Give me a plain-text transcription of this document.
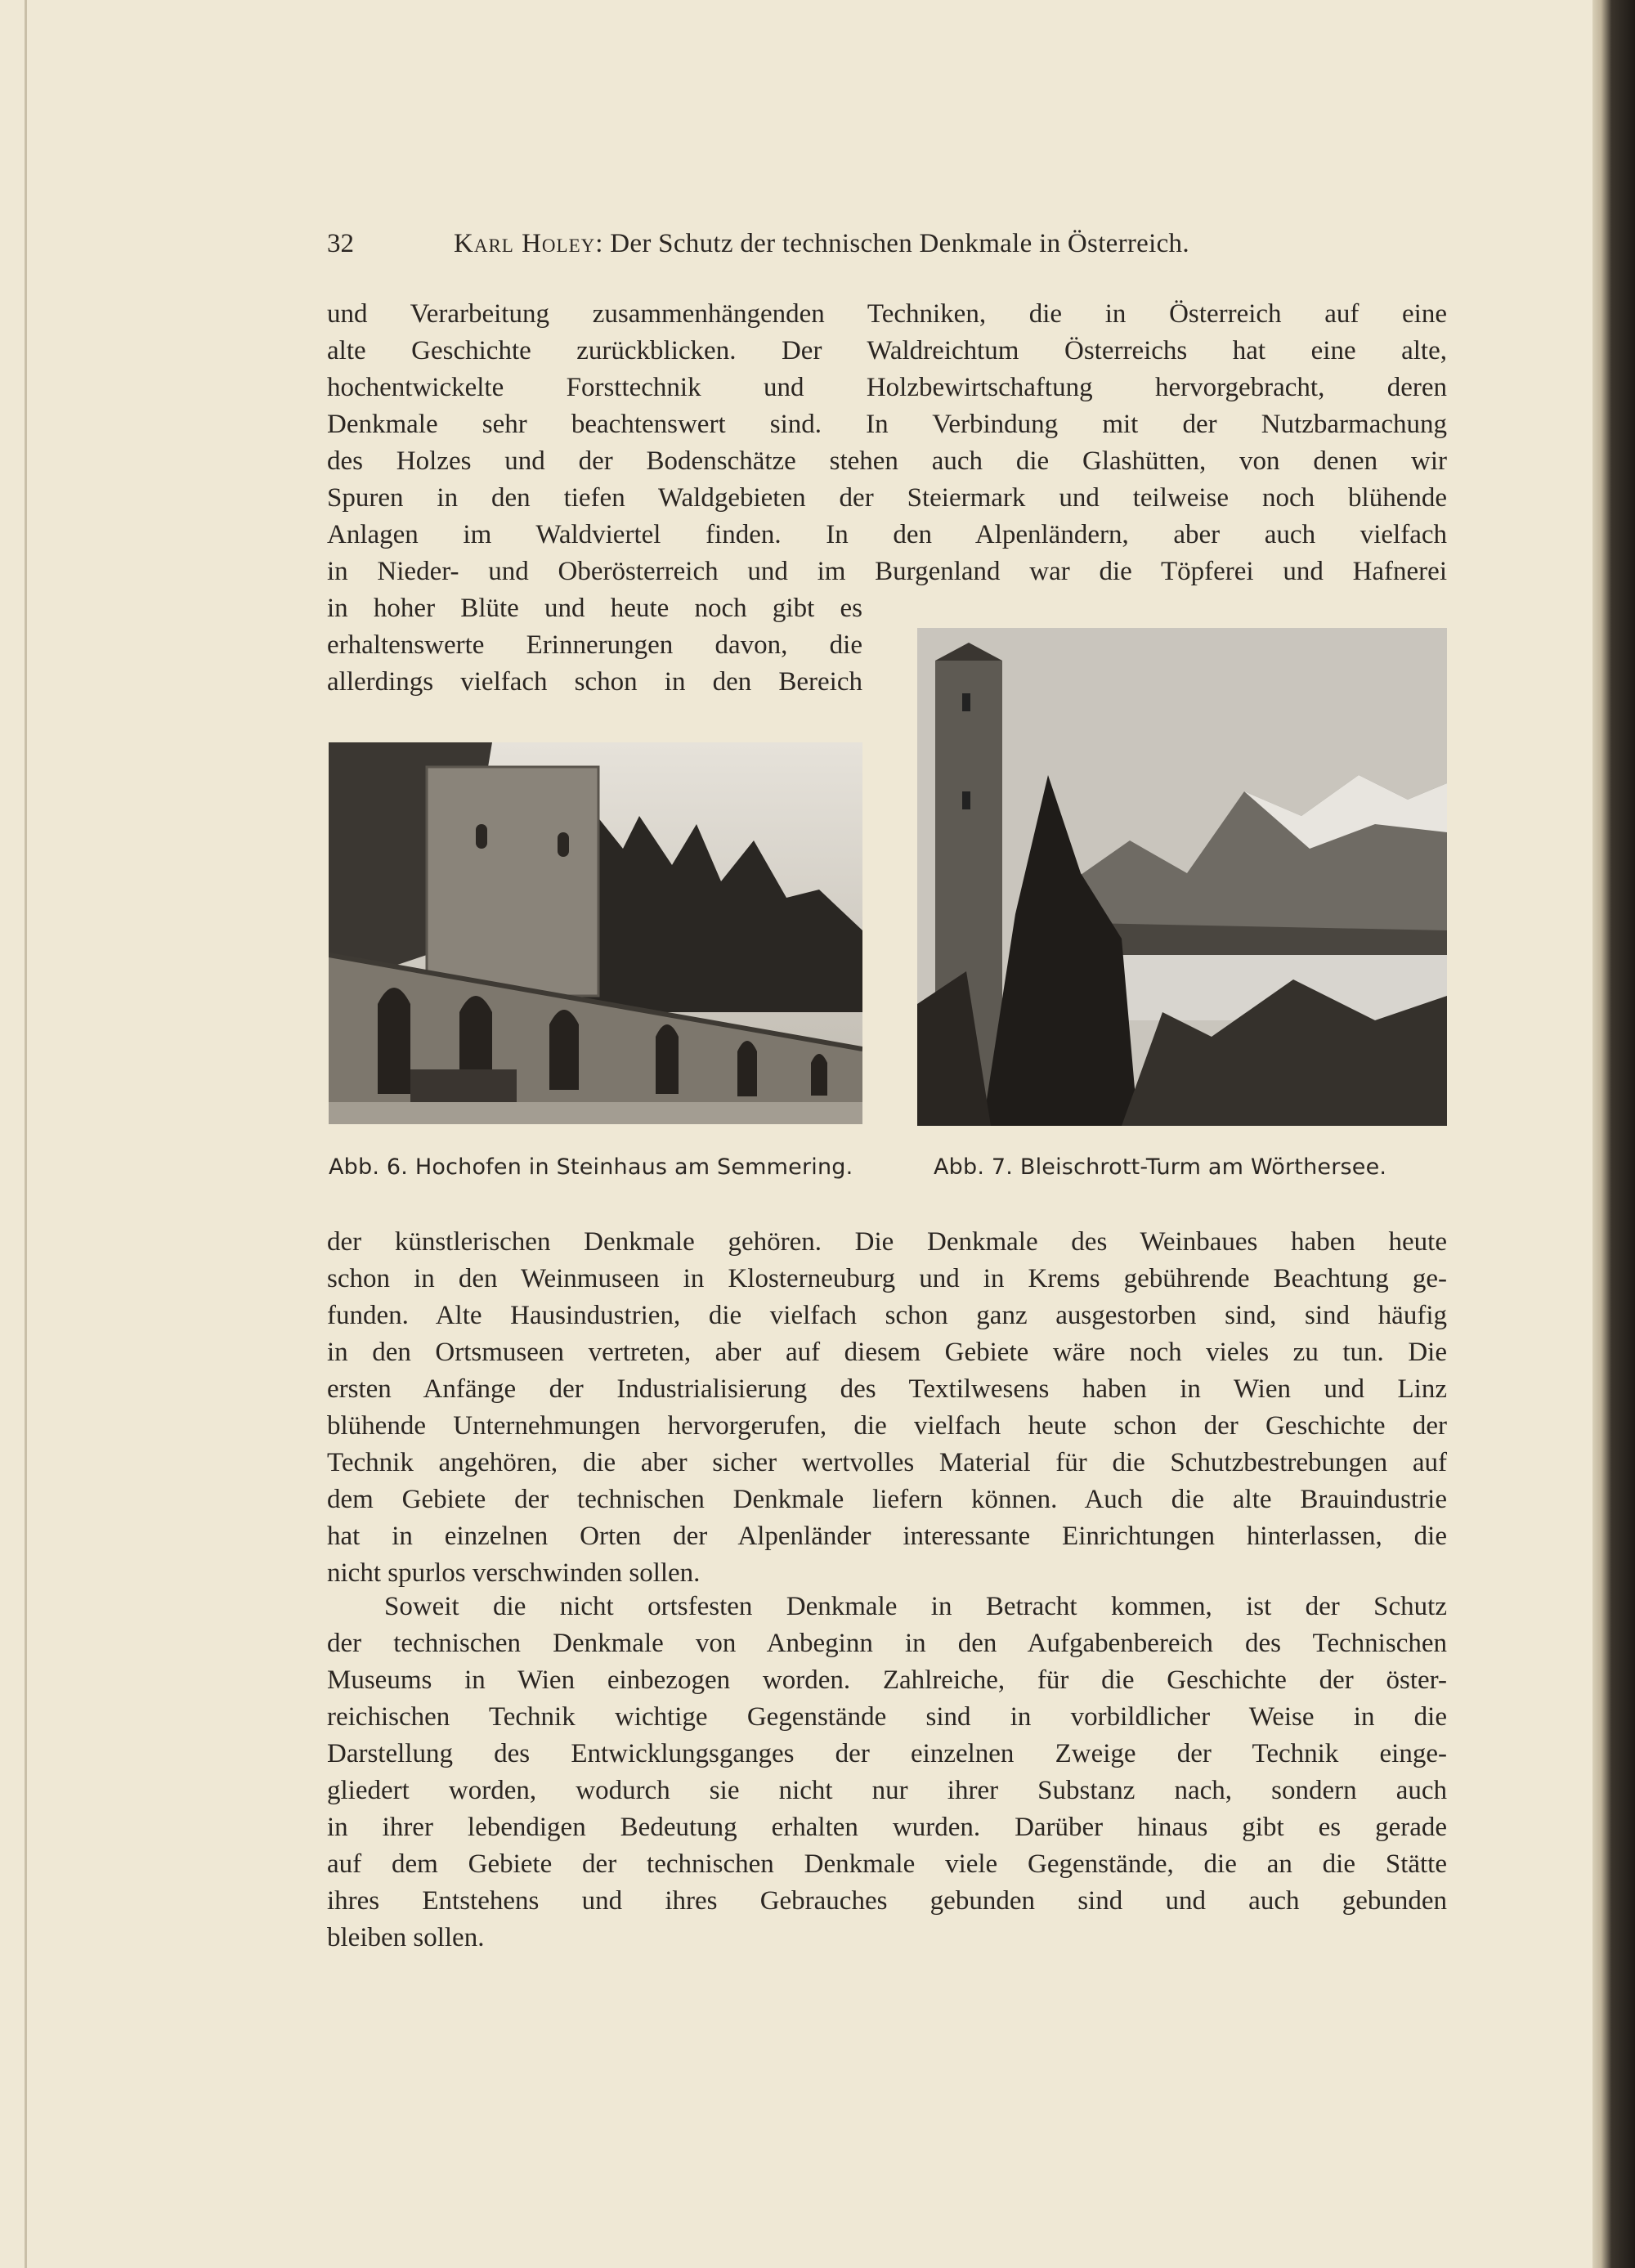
32	Karl Holey: Der Schutz der technischen Denkmale in Österreich.
und Verarbeitung zusammenhängenden Techniken, die in Österreich auf eine
alte Geschichte zurückblicken. Der Waldreichtum Österreichs hat eine alte,
hochentwickelte Forsttechnik und Holzbewirtschaftung hervorgebracht, deren
Denkmale sehr beachtenswert sind. In Verbindung mit der Nutzbarmachung
des Holzes und der Bodenschätze stehen auch die Glashütten, von denen wir
Spuren in den tiefen Waldgebieten der Steiermark und teilweise noch blühende
Anlagen im Waldviertel finden. In den Alpenländern, aber auch vielfach
in Nieder- und Oberösterreich und im Burgenland war die Töpferei und Hafnerei
in hoher Blüte und heute noch gibt es
erhaltenswerte Erinnerungen davon, die
allerdings vielfach schon in den Bereich
Abb. 6. Hochofen in Steinhaus am Semmering.	Abb. 7. Bleischrott-Turm am Wörthersee.
der künstlerischen Denkmale gehören. Die Denkmale des Weinbaues haben heute
schon in den Weinmuseen in Klosterneuburg und in Krems gebührende Beachtung ge-
funden. Alte Hausindustrien, die vielfach schon ganz ausgestorben sind, sind häufig
in den Ortsmuseen vertreten, aber auf diesem Gebiete wäre noch vieles zu tun. Die
ersten Anfänge der Industrialisierung des Textilwesens haben in Wien und Linz
blühende Unternehmungen hervorgerufen, die vielfach heute schon der Geschichte der
Technik angehören, die aber sicher wertvolles Material für die Schutzbestrebungen auf
dem Gebiete der technischen Denkmale liefern können. Auch die alte Brauindustrie
hat in einzelnen Orten der Alpenländer interessante Einrichtungen hinterlassen, die
nicht spurlos verschwinden sollen.
Soweit die nicht ortsfesten Denkmale in Betracht kommen, ist der Schutz
der technischen Denkmale von Anbeginn in den Aufgabenbereich des Technischen
Museums in Wien einbezogen worden. Zahlreiche, für die Geschichte der öster-
reichischen Technik wichtige Gegenstände sind in vorbildlicher Weise in die
Darstellung des Entwicklungsganges der einzelnen Zweige der Technik einge-
gliedert worden, wodurch sie nicht nur ihrer Substanz nach, sondern auch
in ihrer lebendigen Bedeutung erhalten wurden. Darüber hinaus gibt es gerade
auf dem Gebiete der technischen Denkmale viele Gegenstände, die an die Stätte
ihres Entstehens und ihres Gebrauches gebunden sind und auch gebunden
bleiben sollen.
